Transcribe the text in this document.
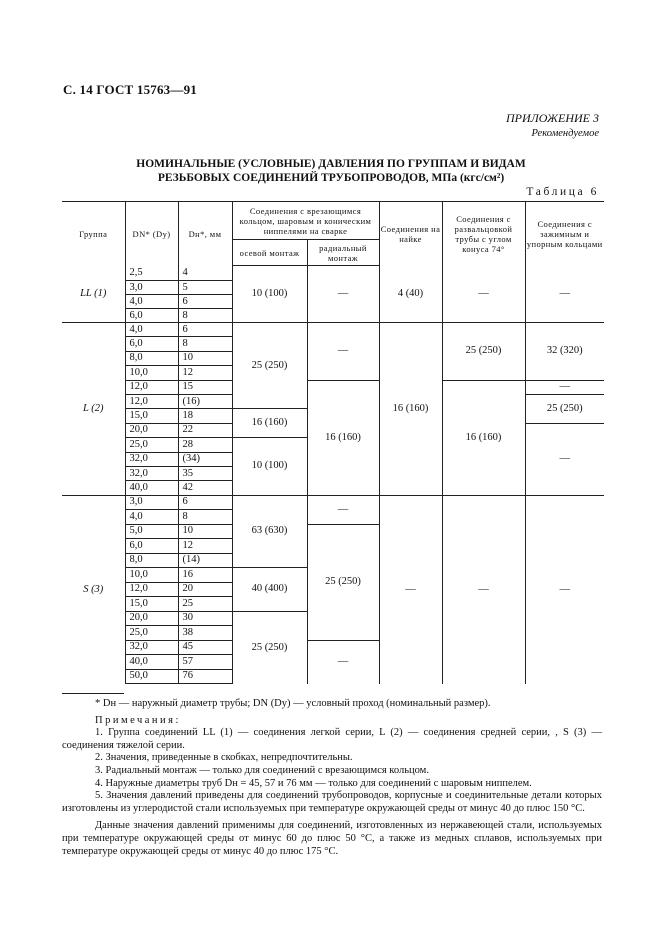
С. 14 ГОСТ 15763—91
ПРИЛОЖЕНИЕ 3
Рекомендуемое
НОМИНАЛЬНЫЕ (УСЛОВНЫЕ) ДАВЛЕНИЯ ПО ГРУППАМ И ВИДАМ
РЕЗЬБОВЫХ СОЕДИНЕНИЙ ТРУБОПРОВОДОВ, МПа (кгс/см²)
Таблица 6
Группа	DN* (Dy)	Dн*, мм	Соединения с врезающимся кольцом, шаровым и коническим ниппелями на сварке		Соединения на найке	Соединения с развальцовкой трубы с углом конуса 74°	Соединения с зажимным и упорным кольцами
			осевой монтаж	радиальный монтаж			
LL (1)	2,5	4	10 (100)	—	4 (40)	—	—
	3,0	5					
	4,0	6					
	6,0	8					
L (2)	4,0	6	25 (250)	—	16 (160)	25 (250)	32 (320)
	6,0	8					
	8,0	10					
	10,0	12					
	12,0	15		16 (160)		16 (160)	—
	12,0	(16)					25 (250)
	15,0	18	16 (160)				
	20,0	22					—
	25,0	28	10 (100)				
	32,0	(34)					
	32,0	35					
	40,0	42					
S (3)	3,0	6	63 (630)	—	—	—	—
	4,0	8					
	5,0	10		25 (250)			
	6,0	12					
	8,0	(14)					
	10,0	16	40 (400)				
	12,0	20					
	15,0	25					
	20,0	30	25 (250)				
	25,0	38					
	32,0	45		—			
	40,0	57					
	50,0	76					

* Dн — наружный диаметр трубы; DN (Dy) — условный проход (номинальный размер).

Примечания:

1. Группа соединений LL (1) — соединения легкой серии, L (2) — соединения средней серии, , S (3) — соединения тяжелой серии.

2. Значения, приведенные в скобках, непредпочтительны.

3. Радиальный монтаж — только для соединений с врезающимся кольцом.

4. Наружные диаметры труб Dн = 45, 57 и 76 мм — только для соединений с шаровым ниппелем.

5. Значения давлений приведены для соединений трубопроводов, корпусные и соединительные детали которых изготовлены из углеродистой стали используемых при температуре окружающей среды от минус 40 до плюс 150 °С.

Данные значения давлений применимы для соединений, изготовленных из нержавеющей стали, используемых при температуре окружающей среды от минус 60 до плюс 50 °С, а также из медных сплавов, используемых при температуре окружающей среды от минус 40 до плюс 175 °С.
